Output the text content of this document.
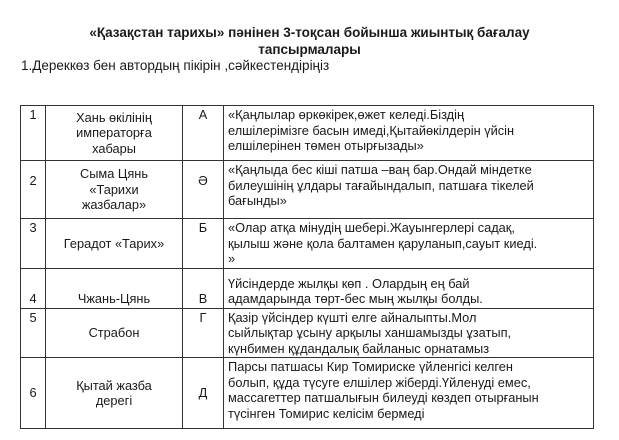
«Қазақстан тарихы» пәнінен 3-тоқсан бойынша жиынтық бағалау
тапсырмалары
1.Дереккөз бен автордың пікірін ,сәйкестендіріңіз
1	Хань өкілінің
императорға
хабары	А	«Қаңлылар өркөкірек,өжет келеді.Біздің
елшілерімізге басын имеді,Қытайөкілдерін үйсін
елшілерінен төмен отырғызады»
2	Сыма Цянь
«Тарихи
жазбалар»	Ә	«Қаңлыда бес кіші патша –ваң бар.Ондай міндетке
билеушінің ұлдары тағайындалып, патшаға тікелей
бағынды»
3	Герадот «Тарих»	Б	«Олар атқа мінудің шебері.Жауынгерлері садақ,
қылыш және қола балтамен қаруланып,сауыт киеді.
»
4	Чжань-Цянь	В	Үйсіндерде жылқы көп . Олардың ең бай
адамдарында төрт-бес мың жылқы болды.
5	Страбон	Г	Қазір үйсіндер күшті елге айналыпты.Мол
сыйлықтар ұсыну арқылы ханшамызды ұзатып,
күнбимен құдандалық байланыс орнатамыз
6	Қытай жазба
дерегі	Д	Парсы патшасы Кир Томириске үйленгісі келген
болып, құда түсуге елшілер жіберді.Үйленуді емес,
массагеттер патшалығын билеуді көздеп отырғанын
түсінген Томирис келісім бермеді
